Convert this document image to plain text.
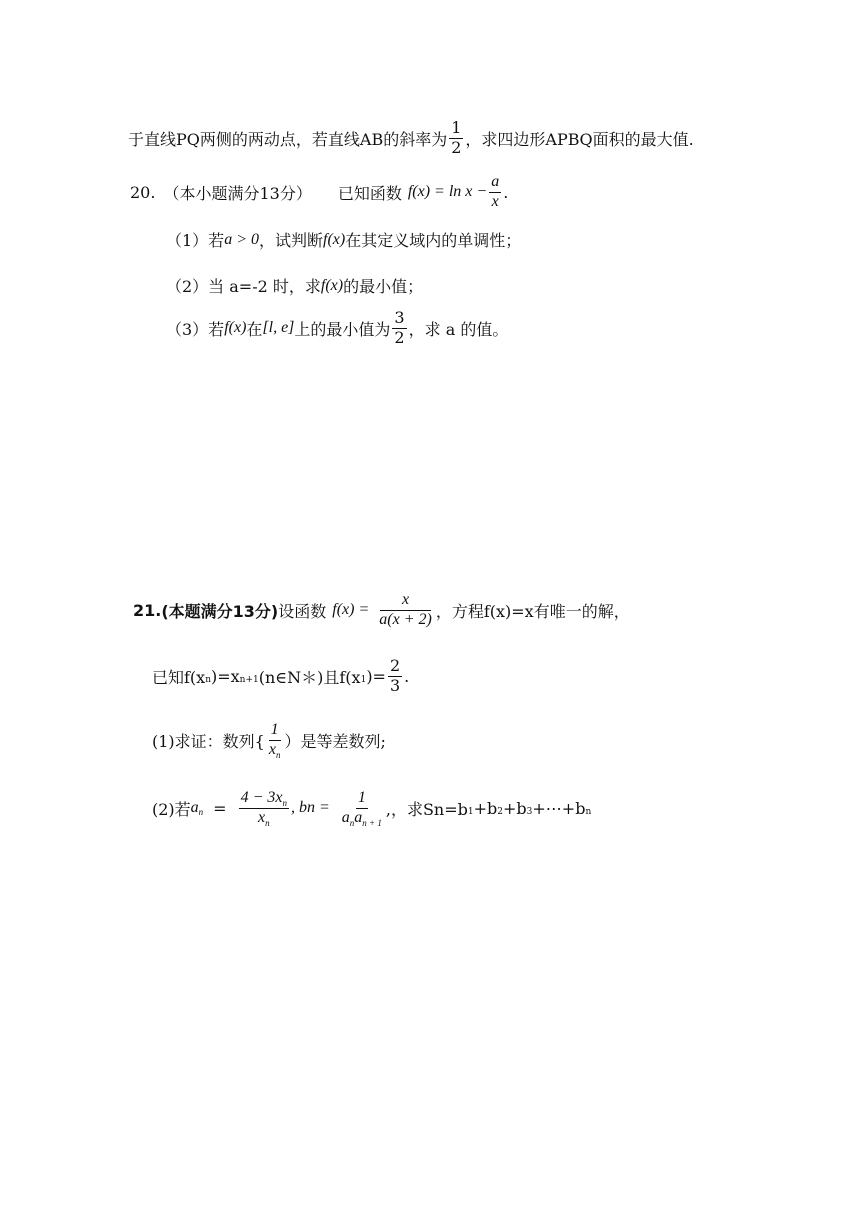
于直线PQ两侧的两动点，若直线AB的斜率为 $\frac{1}{2}$ ，求四边形APBQ面积的最大值.
20. （本小题满分13分） 已知函数 $f(x) = \ln x - \frac{a}{x}$ .
（1）若 a > 0 ，试判断 f(x) 在其定义域内的单调性；
（2）当 a=-2 时，求 f(x) 的最小值；
（3）若 f(x) 在 [l, e] 上的最小值为 $\frac{3}{2}$ ，求 a 的值。
21. (本题满分13分) 设函数 $f(x) = \frac{x}{a(x + 2)}$ ，方程f(x)=x有唯一的解，
已知f(x n )=x n+1 (n∈N＊)且f(x 1 )= $\frac{2}{3}$ .
(1)求证：数列{ $\frac{1}{x_n}$ ）是等差数列;
(2)若 a $n = \frac{4 - 3x_n}{x_n}$ , bn = $\frac{1}{a_na_{n + 1}}$ ,，求Sn=b 1 +b 2 +b 3 +⋯+b n
